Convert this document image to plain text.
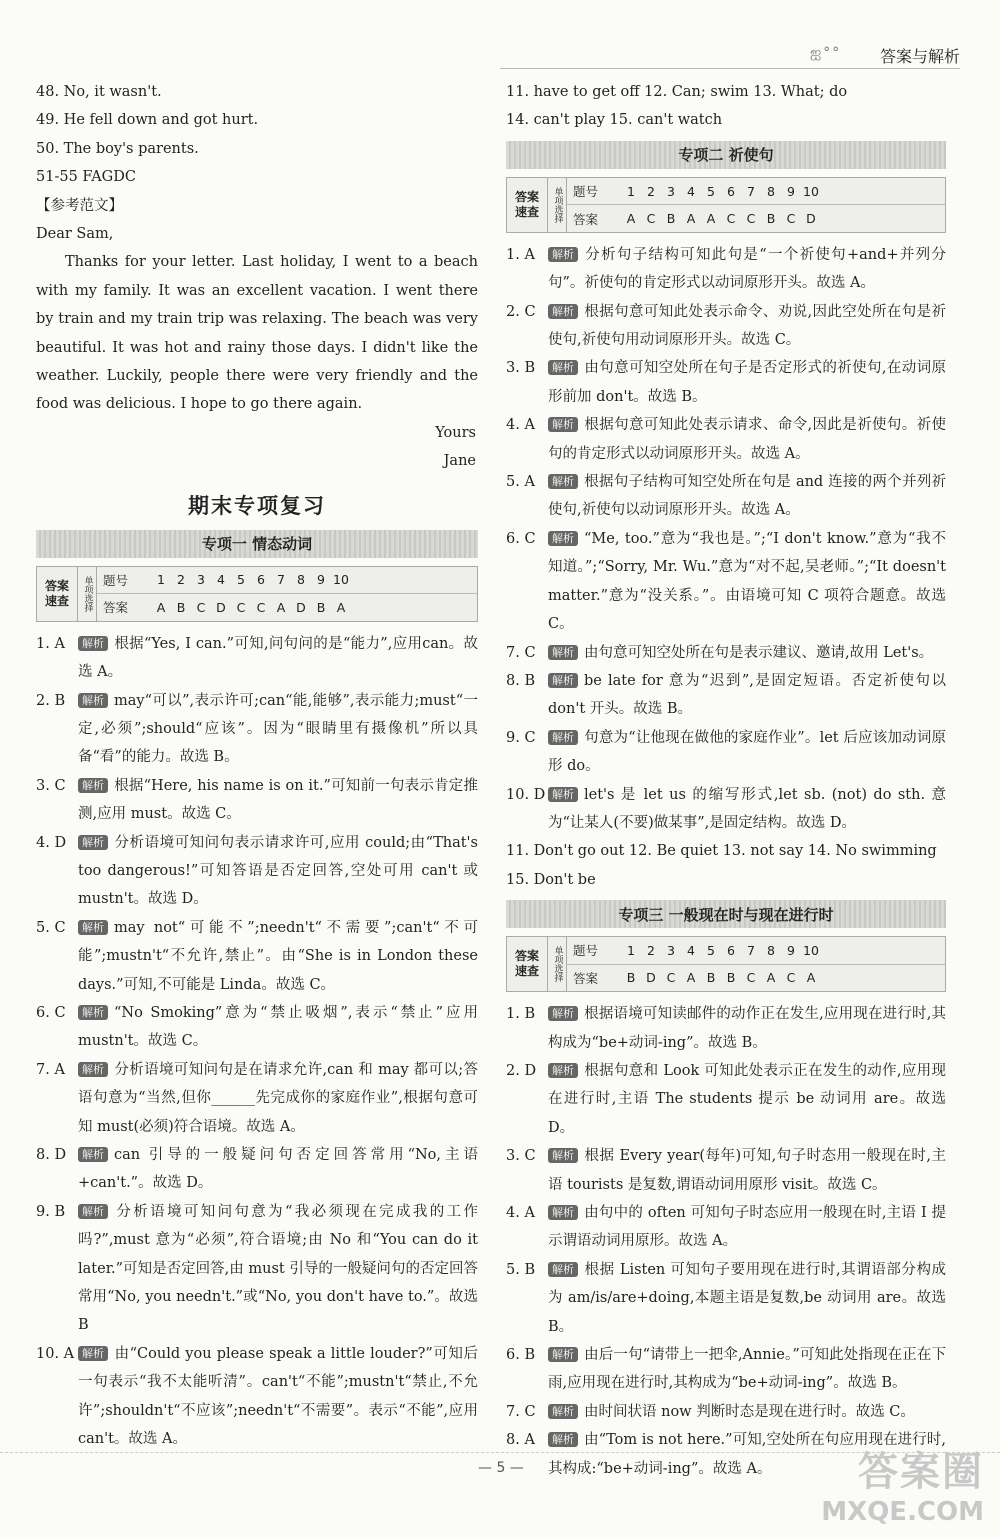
ஐ°°	答案与解析
48. No, it wasn't.
49. He fell down and got hurt.
50. The boy's parents.
51-55 FAGDC
【参考范文】
Dear Sam,
Thanks for your letter. Last holiday, I went to a beach with my family. It was an excellent vacation. I went there by train and my train trip was relaxing. The beach was very beautiful. It was hot and rainy those days. I didn't like the weather. Luckily, people there were very friendly and the food was delicious. I hope to go there again.
Yours
Jane
期末专项复习
专项一 情态动词
答案
速查	单项选择 题号	1 2 3 4 5 6 7 8 9 10
答案	A B C D C C A D B A
1. A	解析 根据“Yes, I can.”可知,问句问的是“能力”,应用can。故选 A。
2. B	解析 may“可以”,表示许可;can“能,能够”,表示能力;must“一定,必须”;should“应该”。因为“眼睛里有摄像机”所以具备“看”的能力。故选 B。
3. C	解析 根据“Here, his name is on it.”可知前一句表示肯定推测,应用 must。故选 C。
4. D	解析 分析语境可知问句表示请求许可,应用 could;由“That's too dangerous!”可知答语是否定回答,空处可用 can't 或 mustn't。故选 D。
5. C	解析 may not“可能不”;needn't“不需要”;can't“不可能”;mustn't“不允许,禁止”。由“She is in London these days.”可知,不可能是 Linda。故选 C。
6. C	解析 “No Smoking”意为“禁止吸烟”,表示“禁止”应用 mustn't。故选 C。
7. A	解析 分析语境可知问句是在请求允许,can 和 may 都可以;答语句意为“当然,但你______先完成你的家庭作业”,根据句意可知 must(必须)符合语境。故选 A。
8. D	解析 can 引导的一般疑问句否定回答常用“No,主语+can't.”。故选 D。
9. B	解析 分析语境可知问句意为“我必须现在完成我的工作吗?”,must 意为“必须”,符合语境;由 No 和“You can do it later.”可知是否定回答,由 must 引导的一般疑问句的否定回答常用“No, you needn't.”或“No, you don't have to.”。故选 B
10. A 解析 由“Could you please speak a little louder?”可知后一句表示“我不太能听清”。can't“不能”;mustn't“禁止,不允许”;shouldn't“不应该”;needn't“不需要”。表示“不能”,应用 can't。故选 A。
11. have to get off 12. Can; swim 13. What; do
14. can't play 15. can't watch
专项二 祈使句
答案
速查	单项选择 题号	1 2 3 4 5 6 7 8 9 10
答案	A C B A A C C B C D
1. A	解析 分析句子结构可知此句是“一个祈使句+and+并列分句”。祈使句的肯定形式以动词原形开头。故选 A。
2. C	解析 根据句意可知此处表示命令、劝说,因此空处所在句是祈使句,祈使句用动词原形开头。故选 C。
3. B	解析 由句意可知空处所在句子是否定形式的祈使句,在动词原形前加 don't。故选 B。
4. A	解析 根据句意可知此处表示请求、命令,因此是祈使句。祈使句的肯定形式以动词原形开头。故选 A。
5. A	解析 根据句子结构可知空处所在句是 and 连接的两个并列祈使句,祈使句以动词原形开头。故选 A。
6. C	解析 “Me, too.”意为“我也是。”;“I don't know.”意为“我不知道。”;“Sorry, Mr. Wu.”意为“对不起,吴老师。”;“It doesn't matter.”意为“没关系。”。由语境可知 C 项符合题意。故选 C。
7. C	解析 由句意可知空处所在句是表示建议、邀请,故用 Let's。
8. B	解析 be late for 意为“迟到”,是固定短语。否定祈使句以 don't 开头。故选 B。
9. C	解析 句意为“让他现在做他的家庭作业”。let 后应该加动词原形 do。
10. D 解析 let's 是 let us 的缩写形式,let sb. (not) do sth. 意为“让某人(不要)做某事”,是固定结构。故选 D。
11. Don't go out 12. Be quiet 13. not say 14. No swimming
15. Don't be
专项三 一般现在时与现在进行时
答案
速查	单项选择 题号	1 2 3 4 5 6 7 8 9 10
答案	B D C A B B C A C A
1. B	解析 根据语境可知读邮件的动作正在发生,应用现在进行时,其构成为“be+动词-ing”。故选 B。
2. D	解析 根据句意和 Look 可知此处表示正在发生的动作,应用现在进行时,主语 The students 提示 be 动词用 are。故选 D。
3. C	解析 根据 Every year(每年)可知,句子时态用一般现在时,主语 tourists 是复数,谓语动词用原形 visit。故选 C。
4. A	解析 由句中的 often 可知句子时态应用一般现在时,主语 I 提示谓语动词用原形。故选 A。
5. B	解析 根据 Listen 可知句子要用现在进行时,其谓语部分构成为 am/is/are+doing,本题主语是复数,be 动词用 are。故选 B。
6. B	解析 由后一句“请带上一把伞,Annie。”可知此处指现在正在下雨,应用现在进行时,其构成为“be+动词-ing”。故选 B。
7. C	解析 由时间状语 now 判断时态是现在进行时。故选 C。
8. A	解析 由“Tom is not here.”可知,空处所在句应用现在进行时,其构成:“be+动词-ing”。故选 A。
— 5 —	答案圈
MXQE.COM
